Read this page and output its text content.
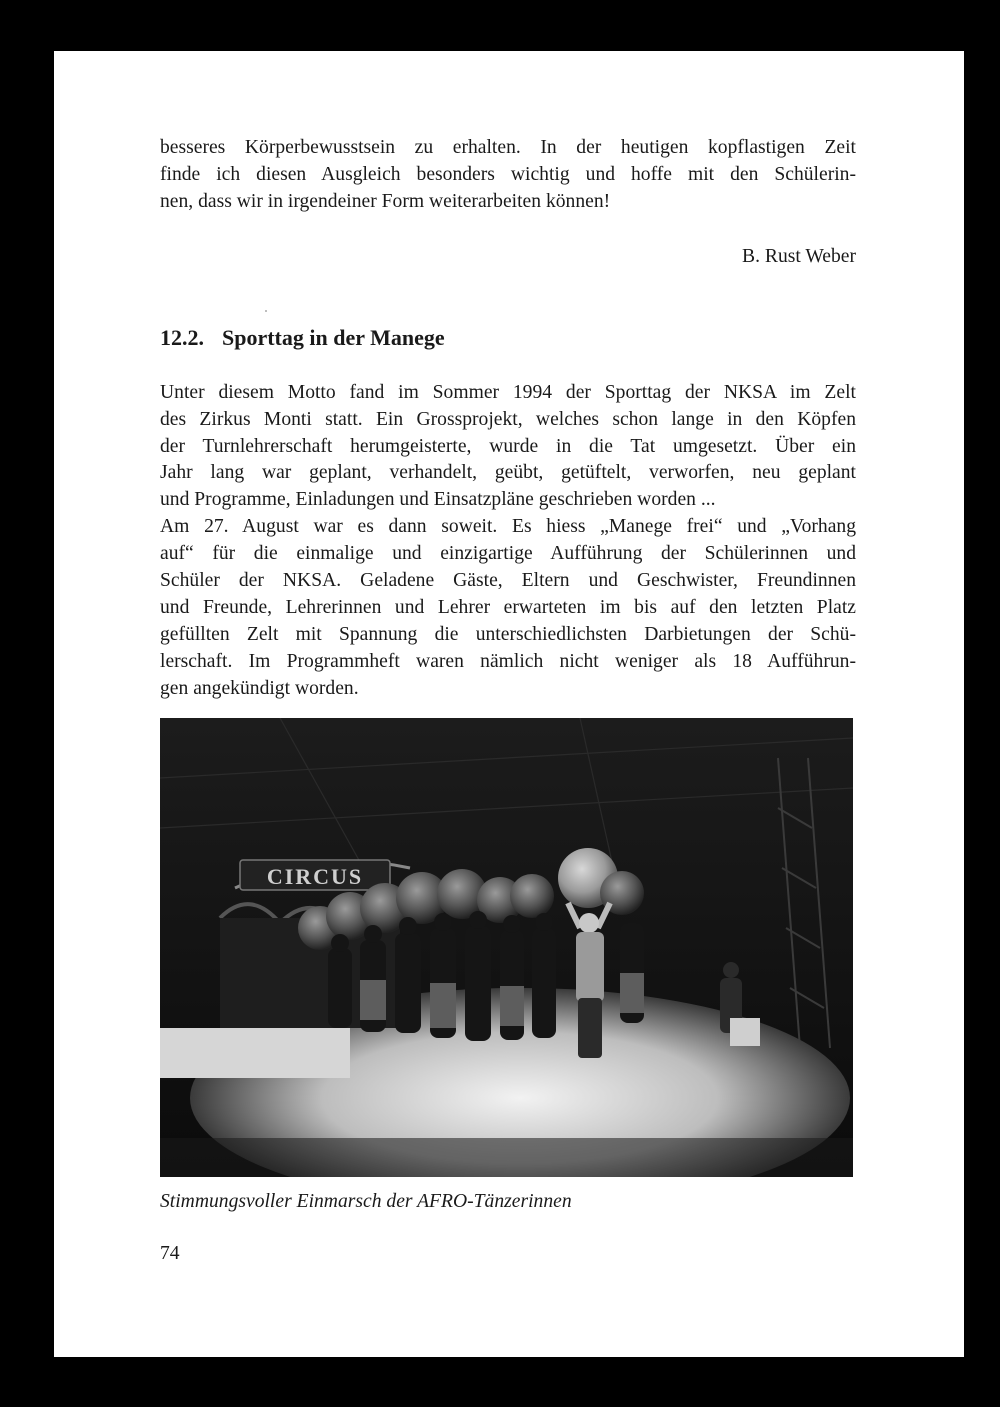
besseres Körperbewusstsein zu erhalten. In der heutigen kopflastigen Zeit
finde ich diesen Ausgleich besonders wichtig und hoffe mit den Schülerin-
nen, dass wir in irgendeiner Form weiterarbeiten können!

B. Rust Weber
12.2. Sporttag in der Manege

Unter diesem Motto fand im Sommer 1994 der Sporttag der NKSA im Zelt
des Zirkus Monti statt. Ein Grossprojekt, welches schon lange in den Köpfen
der Turnlehrerschaft herumgeisterte, wurde in die Tat umgesetzt. Über ein
Jahr lang war geplant, verhandelt, geübt, getüftelt, verworfen, neu geplant
und Programme, Einladungen und Einsatzpläne geschrieben worden ...
Am 27. August war es dann soweit. Es hiess „Manege frei“ und „Vorhang
auf“ für die einmalige und einzigartige Aufführung der Schülerinnen und
Schüler der NKSA. Geladene Gäste, Eltern und Geschwister, Freundinnen
und Freunde, Lehrerinnen und Lehrer erwarteten im bis auf den letzten Platz
gefüllten Zelt mit Spannung die unterschiedlichsten Darbietungen der Schü-
lerschaft. Im Programmheft waren nämlich nicht weniger als 18 Aufführun-
gen angekündigt worden.

CIRCUS
Stimmungsvoller Einmarsch der AFRO-Tänzerinnen
74
